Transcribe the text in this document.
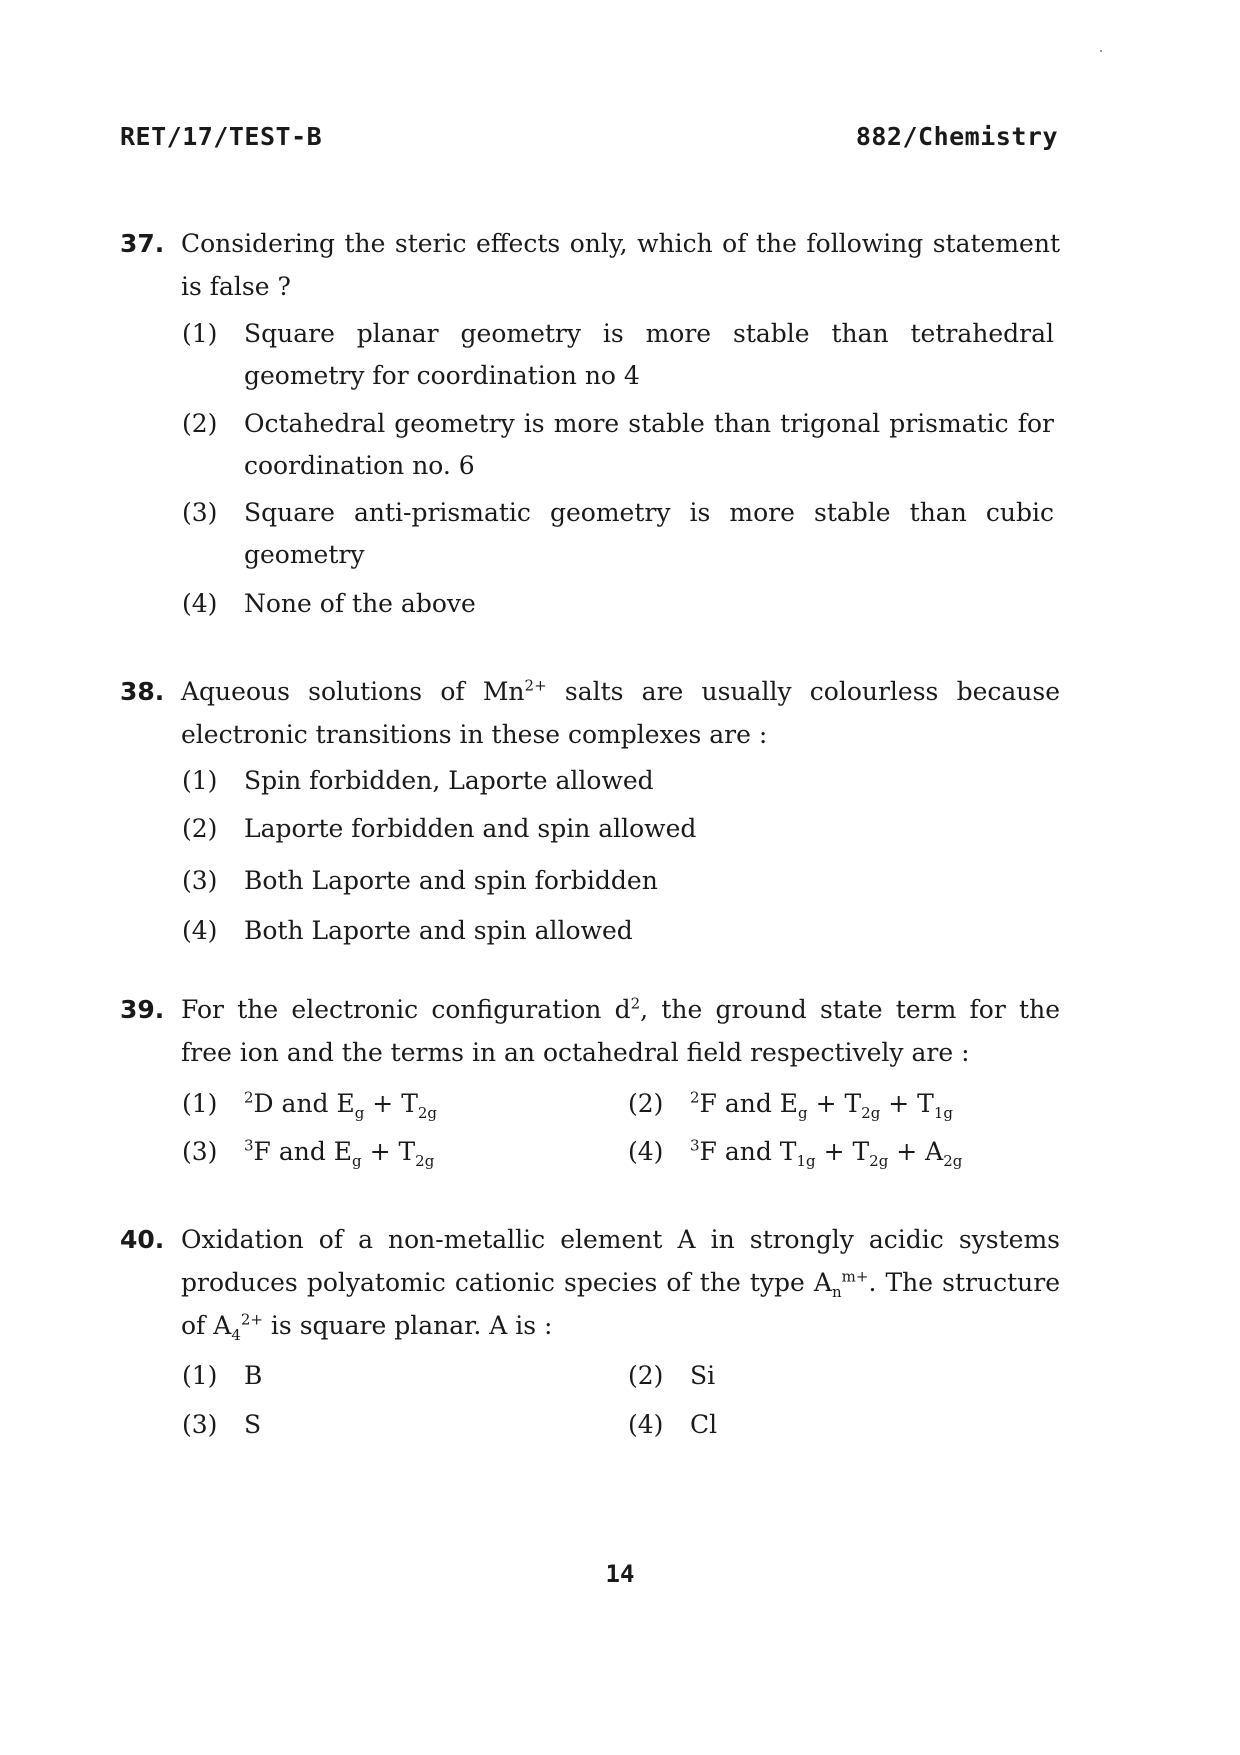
RET/17/TEST-B	882/Chemistry
37. Considering the steric effects only, which of the following statement is false ?
(1) Square planar geometry is more stable than tetrahedral geometry for coordination no 4
(2) Octahedral geometry is more stable than trigonal prismatic for coordination no. 6
(3) Square anti-prismatic geometry is more stable than cubic geometry
(4) None of the above
38. Aqueous solutions of $Mn^{2+}$ salts are usually colourless because electronic transitions in these complexes are :
(1) Spin forbidden, Laporte allowed
(2) Laporte forbidden and spin allowed
(3) Both Laporte and spin forbidden
(4) Both Laporte and spin allowed
39. For the electronic configuration $d^2$, the ground state term for the free ion and the terms in an octahedral field respectively are :
(1) $^2$D and $E_g + T_{2g}$	(2) $^2$F and $E_g + T_{2g} + T_{1g}$
(3) $^3$F and $E_g + T_{2g}$	(4) $^3$F and $T_{1g} + T_{2g} + A_{2g}$
40. Oxidation of a non-metallic element A in strongly acidic systems produces polyatomic cationic species of the type $A_n^{m+}$. The structure of $A_4^{2+}$ is square planar. A is :
(1) B	(2) Si
(3) S	(4) Cl
14
